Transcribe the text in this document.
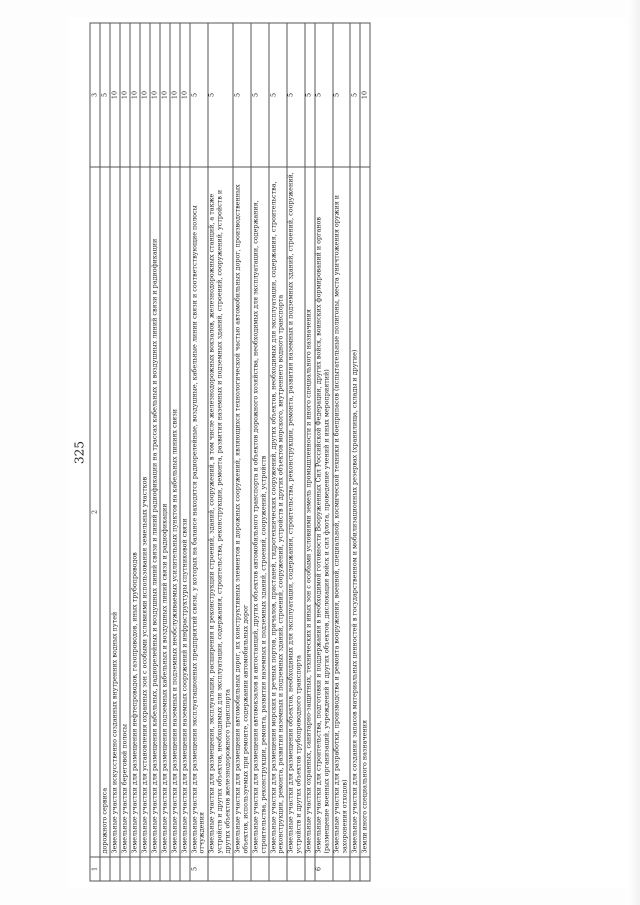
325
1	2	3
	дорожного сервиса	5
	Земельные участки искусственно созданных внутренних водных путей	10
	Земельные участки береговой полосы	10
	Земельные участки для размещения нефтепроводов, газопроводов, иных трубопроводов	10
	Земельные участки для установления охранных зон с особыми условиями использования земельных участков	10
	Земельные участки для размещения кабельных, радиорелейных и воздушных линий связи и линий радиофикации на трассах кабельных и воздушных линий связи и радиофикации	10
	Земельные участки для размещения подземных кабельных и воздушных линий связи и радиофикации	10
	Земельные участки для размещения наземных и подземных необслуживаемых усилительных пунктов на кабельных линиях связи	10
	Земельные участки для размещения наземных сооружений и инфраструктуры спутниковой связи	10
5	Земельные участки для размещения эксплуатационных предприятий связи, у которых на балансе находятся радиорелейные, воздушные, кабельные линии связи и соответствующие полосы отчуждения	5
	Земельные участки для размещения, эксплуатации, расширения и реконструкции строений, зданий, сооружений, в том числе железнодорожных вокзалов, железнодорожных станций, а также устройств и других объектов, необходимых для эксплуатации, содержания, строительства, реконструкции, ремонта, развития наземных и подземных зданий, строений, сооружений, устройств и других объектов железнодорожного транспорта	5
	Земельные участки для размещения автомобильных дорог, их конструктивных элементов и дорожных сооружений, являющихся технологической частью автомобильных дорог, производственных объектов, используемых при ремонте, содержании автомобильных дорог	5
	Земельные участки для размещения автовокзалов и автостанций, других объектов автомобильного транспорта и объектов дорожного хозяйства, необходимых для эксплуатации, содержания, строительства, реконструкции, ремонта, развития наземных и подземных зданий, строений, сооружений, устройств	5
	Земельные участки для размещения морских и речных портов, причалов, пристаней, гидротехнических сооружений, других объектов, необходимых для эксплуатации, содержания, строительства, реконструкции, ремонта, развития наземных и подземных зданий, строений, сооружений, устройств и других объектов морского, внутреннего водного транспорта	5
	Земельные участки для размещения объектов, необходимых для эксплуатации, содержания, строительства, реконструкции, ремонта, развития наземных и подземных зданий, строений, сооружений, устройств и других объектов трубопроводного транспорта	5
	Земельные участки охранных, санитарно-защитных, технических и иных зон с особыми условиями земель промышленности и иного специального назначения	5
6	Земельные участки для строительства, подготовки и поддержания в необходимой готовности Вооруженных Сил Российской Федерации, других войск, воинских формирований и органов (размещение военных организаций, учреждений и других объектов, дислокация войск и сил флота, проведение учений и иных мероприятий)	5
	Земельные участки для разработки, производства и ремонта вооружения, военной, специальной, космической техники и боеприпасов (испытательные полигоны, места уничтожения оружия и захоронения отходов)	5
	Земельные участки для создания запасов материальных ценностей в государственном и мобилизационных резервах (хранилища, склады и другие)	5
	Земли иного специального назначения	10
